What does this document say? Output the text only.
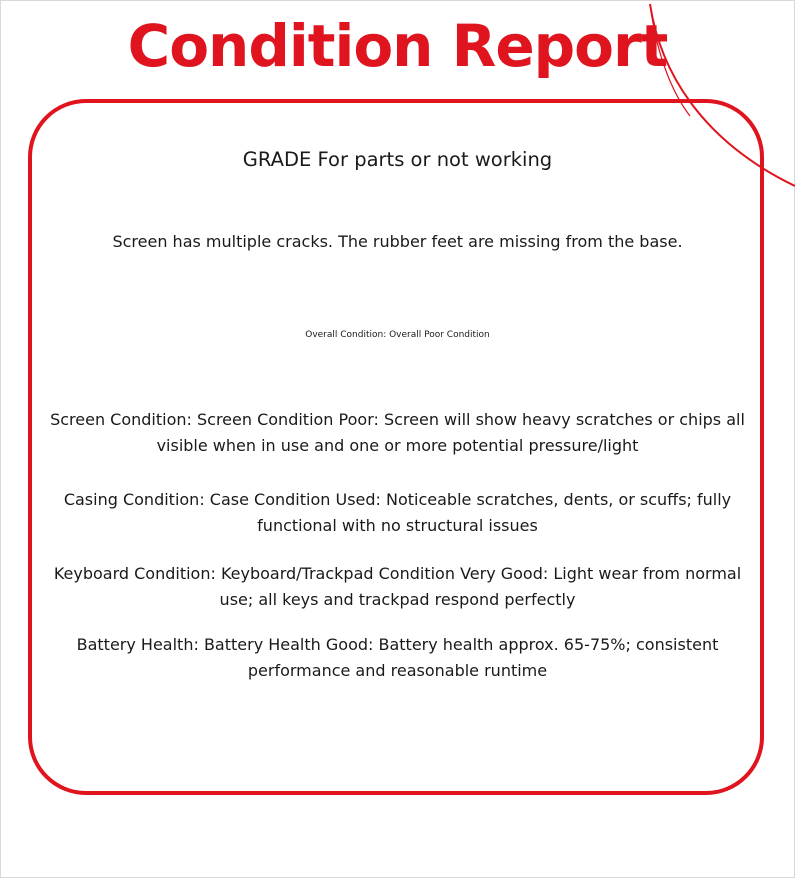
Condition Report
GRADE For parts or not working
Screen has multiple cracks. The rubber feet are missing from the base.
Overall Condition: Overall Poor Condition
Screen Condition: Screen Condition Poor: Screen will show heavy scratches or chips all visible when in use and one or more potential pressure/light
Casing Condition: Case Condition Used: Noticeable scratches, dents, or scuffs; fully functional with no structural issues
Keyboard Condition: Keyboard/Trackpad Condition Very Good: Light wear from normal use; all keys and trackpad respond perfectly
Battery Health: Battery Health Good: Battery health approx. 65-75%; consistent performance and reasonable runtime
